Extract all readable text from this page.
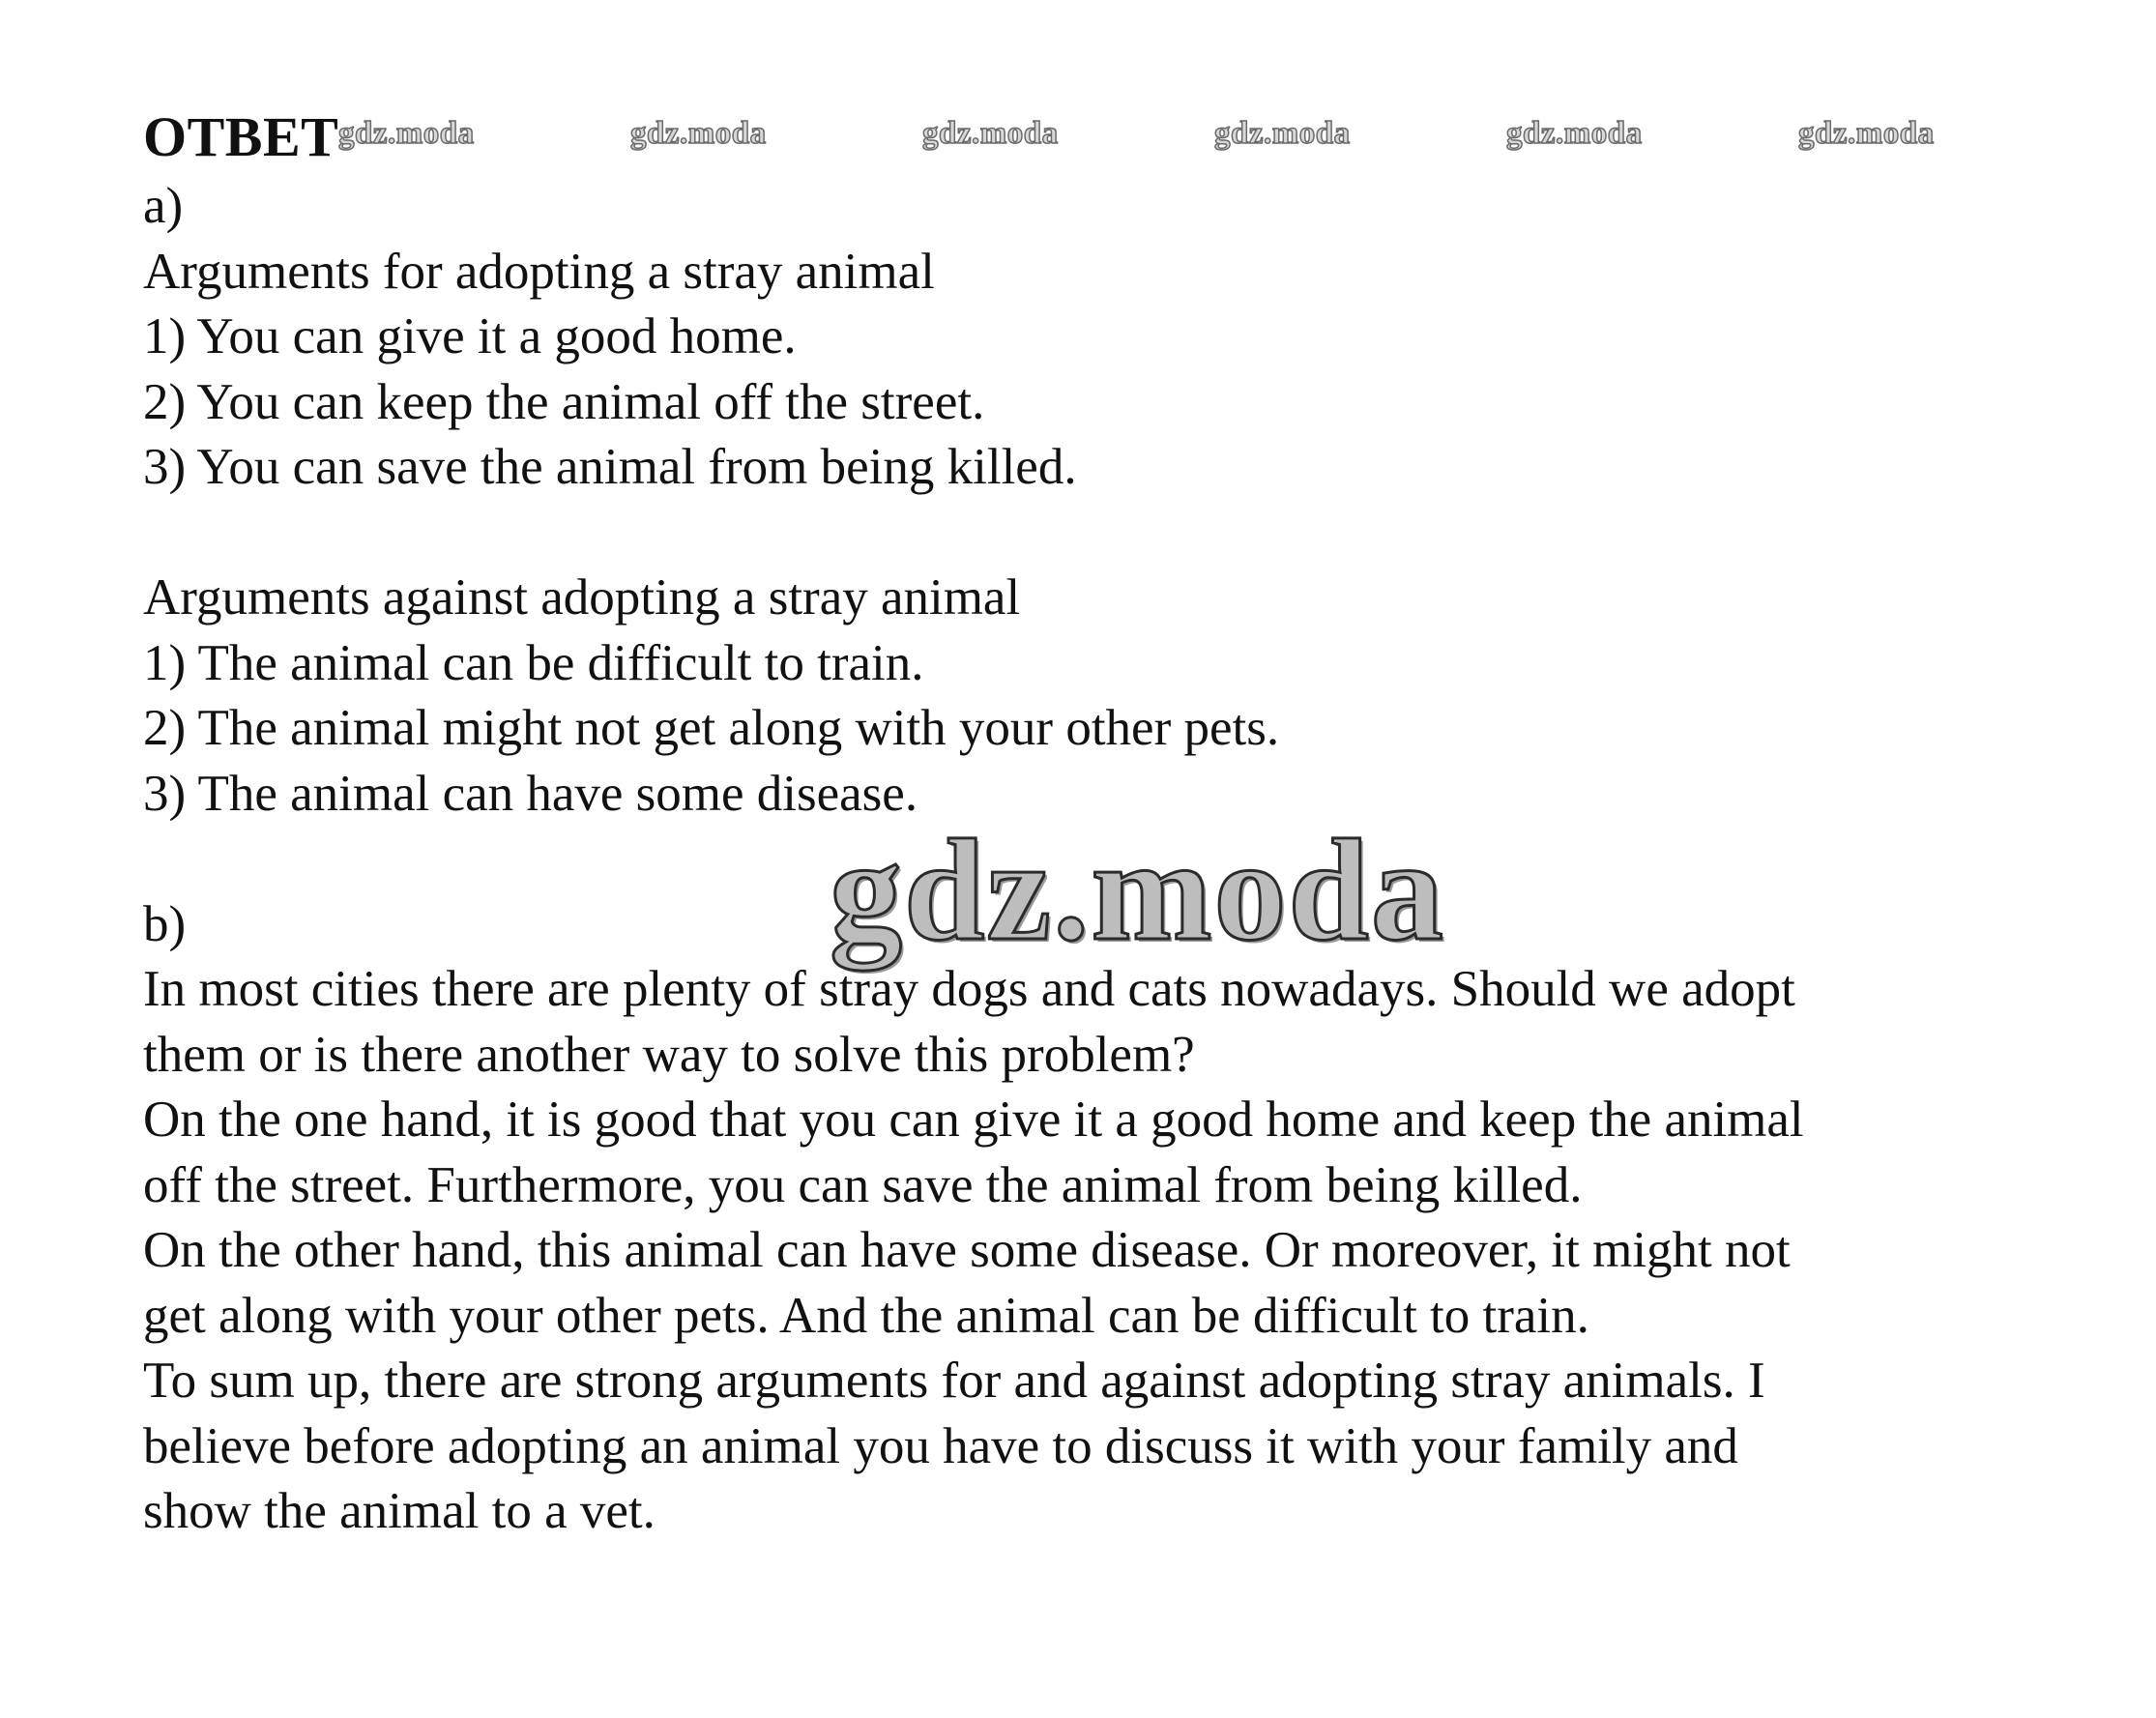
ОТВЕТ gdz.moda	gdz.moda	gdz.moda	gdz.moda	gdz.moda	gdz.moda
a)
Arguments for adopting a stray animal
1) You can give it a good home.
2) You can keep the animal off the street.
3) You can save the animal from being killed.
Arguments against adopting a stray animal
1) The animal can be difficult to train.
2) The animal might not get along with your other pets.
3) The animal can have some disease.
gdz.moda
b)
In most cities there are plenty of stray dogs and cats nowadays. Should we adopt
them or is there another way to solve this problem?
On the one hand, it is good that you can give it a good home and keep the animal
off the street. Furthermore, you can save the animal from being killed.
On the other hand, this animal can have some disease. Or moreover, it might not
get along with your other pets. And the animal can be difficult to train.
To sum up, there are strong arguments for and against adopting stray animals. I
believe before adopting an animal you have to discuss it with your family and
show the animal to a vet.
